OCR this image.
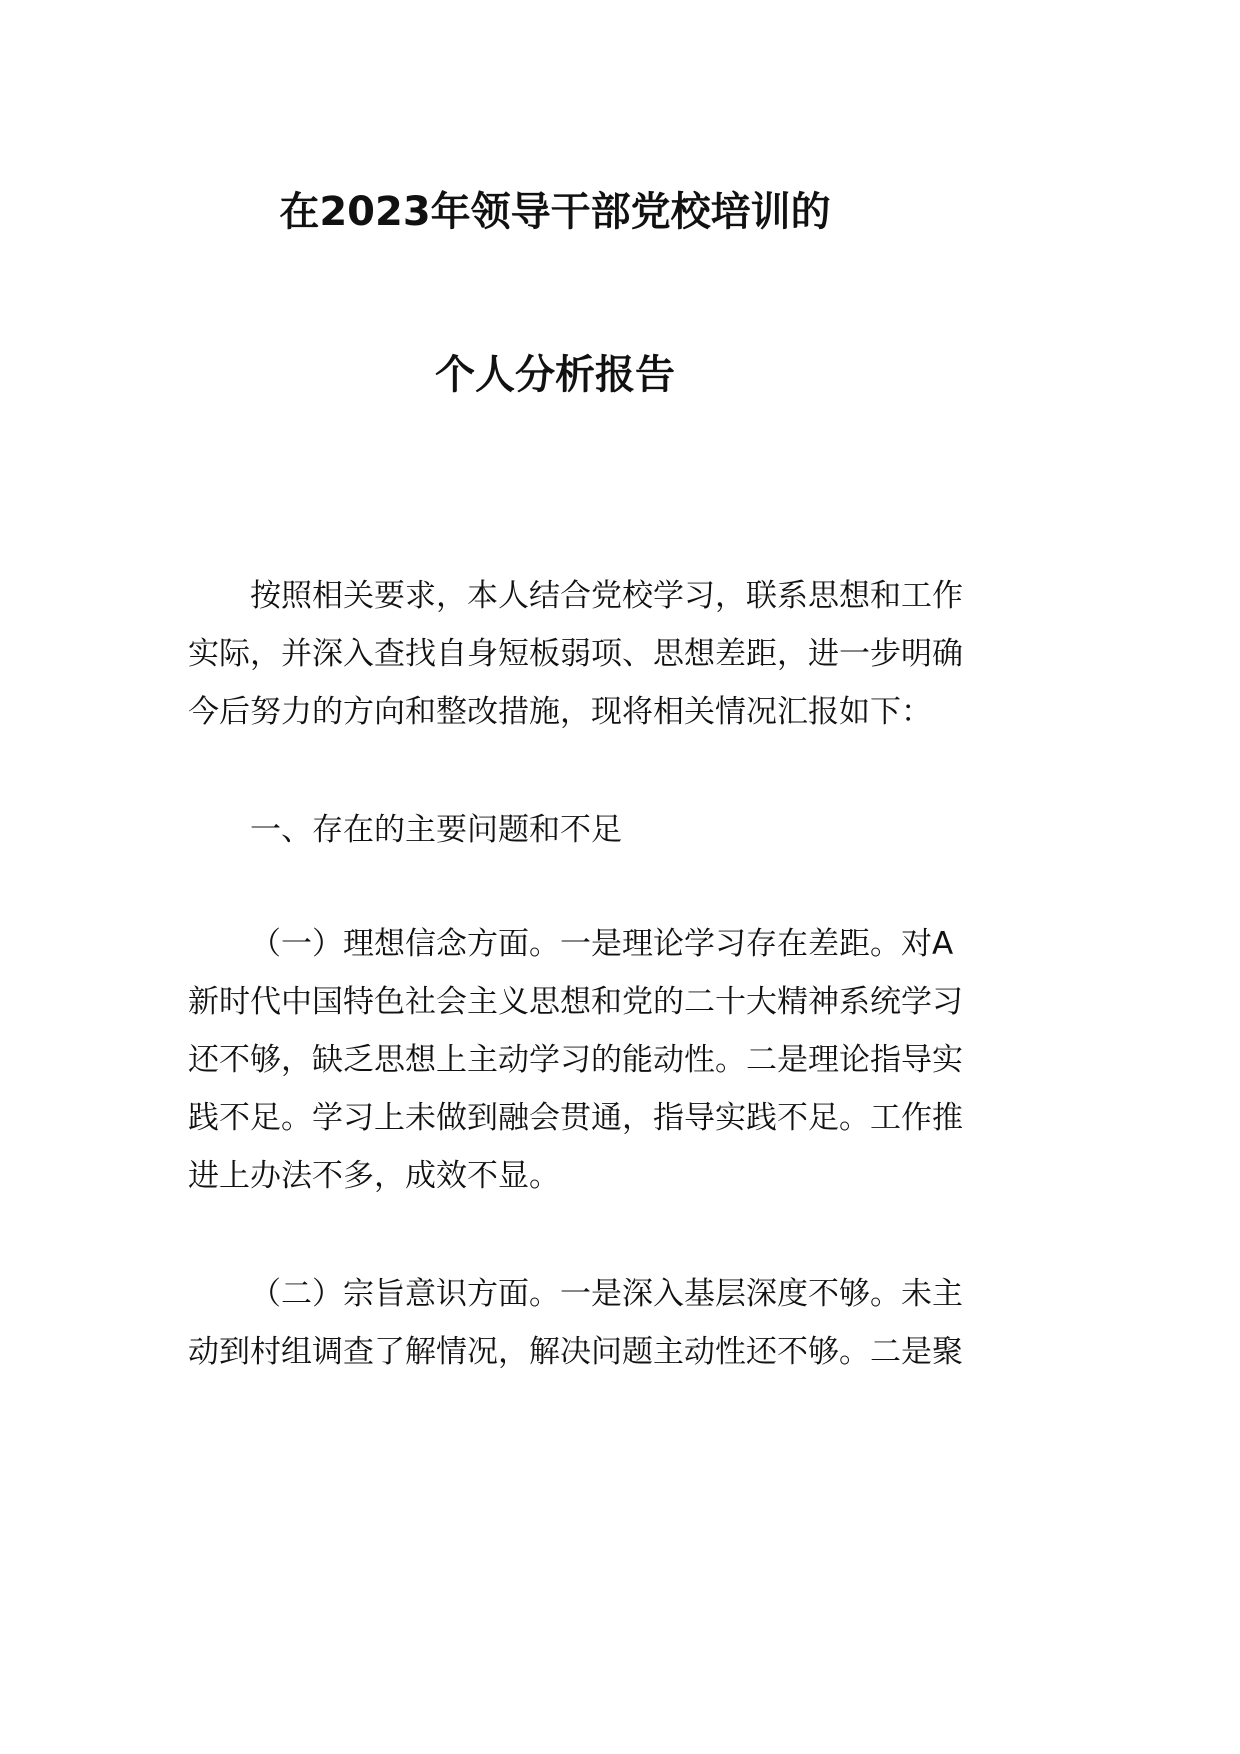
在2023年领导干部党校培训的
个人分析报告
按照相关要求，本人结合党校学习，联系思想和工作
实际，并深入查找自身短板弱项、思想差距，进一步明确
今后努力的方向和整改措施，现将相关情况汇报如下：
一、存在的主要问题和不足
（一）理想信念方面。一是理论学习存在差距。对A
新时代中国特色社会主义思想和党的二十大精神系统学习
还不够，缺乏思想上主动学习的能动性。二是理论指导实
践不足。学习上未做到融会贯通，指导实践不足。工作推
进上办法不多，成效不显。
（二）宗旨意识方面。一是深入基层深度不够。未主
动到村组调查了解情况，解决问题主动性还不够。二是聚
